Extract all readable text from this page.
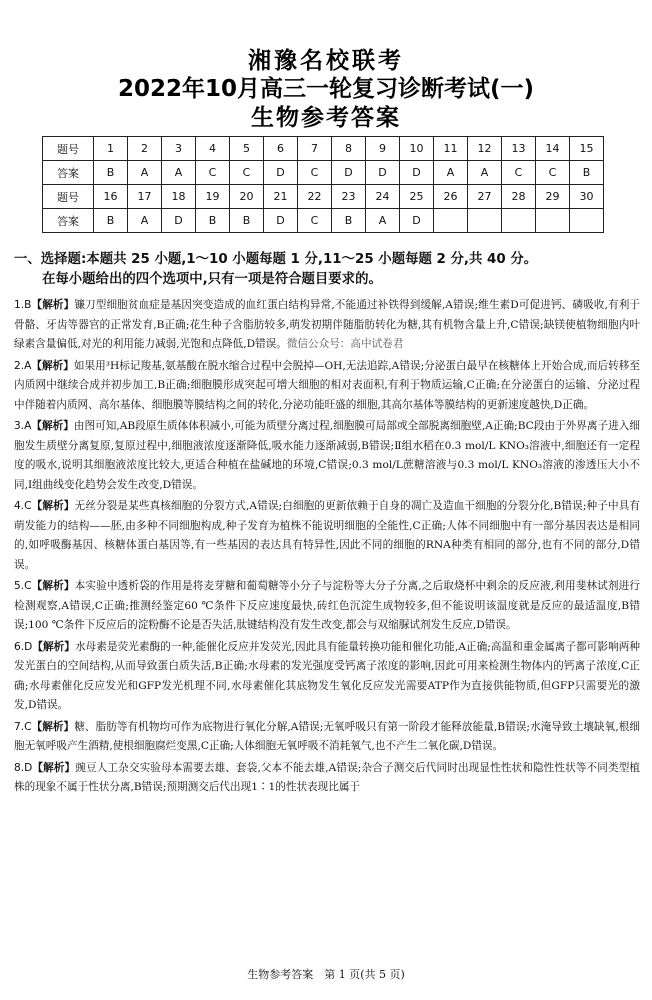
湘豫名校联考
2022年10月高三一轮复习诊断考试(一)
生物参考答案
题号	1	2	3	4	5	6	7	8	9	10	11	12	13	14	15
答案	B	A	A	C	C	D	C	D	D	D	A	A	C	C	B
题号	16	17	18	19	20	21	22	23	24	25	26	27	28	29	30
答案	B	A	D	B	B	D	C	B	A	D					
一、选择题:本题共 25 小题,1～10 小题每题 1 分,11～25 小题每题 2 分,共 40 分。
在每小题给出的四个选项中,只有一项是符合题目要求的。
1.B【解析】镰刀型细胞贫血症是基因突变造成的血红蛋白结构异常,不能通过补铁得到缓解,A错误;维生素D可促进钙、磷吸收,有利于骨骼、牙齿等器官的正常发育,B正确;花生种子含脂肪较多,萌发初期伴随脂肪转化为糖,其有机物含量上升,C错误;缺镁使植物细胞内叶绿素含量偏低,对光的利用能力减弱,光饱和点降低,D错误。微信公众号：高中试卷君
2.A【解析】如果用³H标记羧基,氨基酸在脱水缩合过程中会脱掉—OH,无法追踪,A错误;分泌蛋白最早在核糖体上开始合成,而后转移至内质网中继续合成并初步加工,B正确;细胞膜形成突起可增大细胞的相对表面积,有利于物质运输,C正确;在分泌蛋白的运输、分泌过程中伴随着内质网、高尔基体、细胞膜等膜结构之间的转化,分泌功能旺盛的细胞,其高尔基体等膜结构的更新速度越快,D正确。
3.A【解析】由图可知,AB段原生质体体积减小,可能为质壁分离过程,细胞膜可局部或全部脱离细胞壁,A正确;BC段由于外界离子进入细胞发生质壁分离复原,复原过程中,细胞液浓度逐渐降低,吸水能力逐渐减弱,B错误;Ⅱ组水稻在0.3 mol/L KNO₃溶液中,细胞还有一定程度的吸水,说明其细胞液浓度比较大,更适合种植在盐碱地的环境,C错误;0.3 mol/L蔗糖溶液与0.3 mol/L KNO₃溶液的渗透压大小不同,Ⅰ组曲线变化趋势会发生改变,D错误。
4.C【解析】无丝分裂是某些真核细胞的分裂方式,A错误;白细胞的更新依赖于自身的凋亡及造血干细胞的分裂分化,B错误;种子中具有萌发能力的结构——胚,由多种不同细胞构成,种子发育为植株不能说明细胞的全能性,C正确;人体不同细胞中有一部分基因表达是相同的,如呼吸酶基因、核糖体蛋白基因等,有一些基因的表达具有特异性,因此不同的细胞的RNA种类有相同的部分,也有不同的部分,D错误。
5.C【解析】本实验中透析袋的作用是将麦芽糖和葡萄糖等小分子与淀粉等大分子分离,之后取烧杯中剩余的反应液,利用斐林试剂进行检测观察,A错误,C正确;推测经鉴定60 ℃条件下反应速度最快,砖红色沉淀生成物较多,但不能说明该温度就是反应的最适温度,B错误;100 ℃条件下反应后的淀粉酶不论是否失活,肽键结构没有发生改变,都会与双缩脲试剂发生反应,D错误。
6.D【解析】水母素是荧光素酶的一种,能催化反应并发荧光,因此具有能量转换功能和催化功能,A正确;高温和重金属离子都可影响两种发光蛋白的空间结构,从而导致蛋白质失活,B正确;水母素的发光强度受钙离子浓度的影响,因此可用来检测生物体内的钙离子浓度,C正确;水母素催化反应发光和GFP发光机理不同,水母素催化其底物发生氧化反应发光需要ATP作为直接供能物质,但GFP只需要光的激发,D错误。
7.C【解析】糖、脂肪等有机物均可作为底物进行氧化分解,A错误;无氧呼吸只有第一阶段才能释放能量,B错误;水淹导致土壤缺氧,根细胞无氧呼吸产生酒精,使根细胞腐烂变黑,C正确;人体细胞无氧呼吸不消耗氧气,也不产生二氧化碳,D错误。
8.D【解析】豌豆人工杂交实验母本需要去雄、套袋,父本不能去雄,A错误;杂合子测交后代同时出现显性性状和隐性性状等不同类型植株的现象不属于性状分离,B错误;预期测交后代出现1∶1的性状表现比属于
生物参考答案　第 1 页(共 5 页)
